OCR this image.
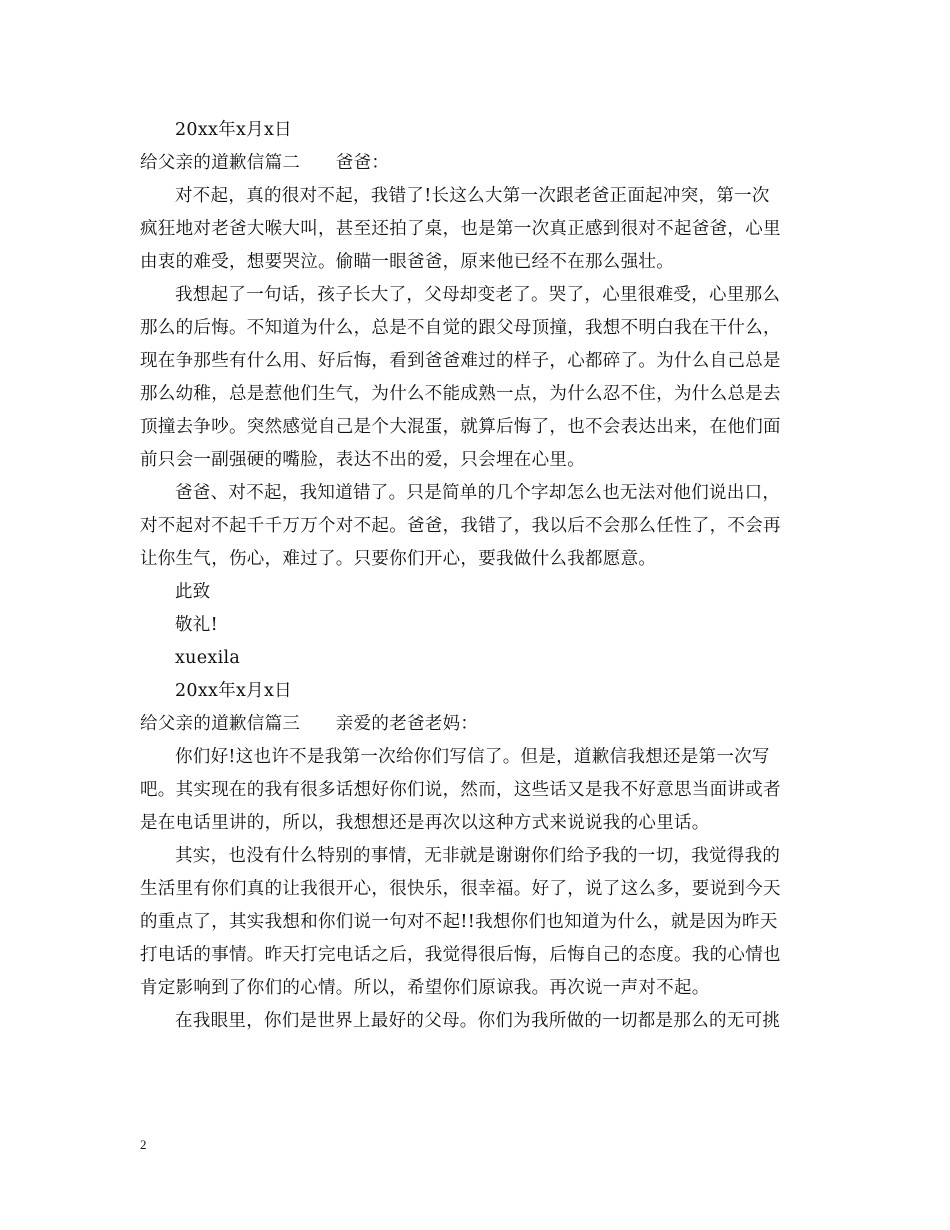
20xx年x月x日
给父亲的道歉信篇二　　爸爸：
对不起，真的很对不起，我错了!长这么大第一次跟老爸正面起冲突，第一次
疯狂地对老爸大喉大叫，甚至还拍了桌，也是第一次真正感到很对不起爸爸，心里
由衷的难受，想要哭泣。偷瞄一眼爸爸，原来他已经不在那么强壮。
我想起了一句话，孩子长大了，父母却变老了。哭了，心里很难受，心里那么
那么的后悔。不知道为什么，总是不自觉的跟父母顶撞，我想不明白我在干什么，
现在争那些有什么用、好后悔，看到爸爸难过的样子，心都碎了。为什么自己总是
那么幼稚，总是惹他们生气，为什么不能成熟一点，为什么忍不住，为什么总是去
顶撞去争吵。突然感觉自己是个大混蛋，就算后悔了，也不会表达出来，在他们面
前只会一副强硬的嘴脸，表达不出的爱，只会埋在心里。
爸爸、对不起，我知道错了。只是简单的几个字却怎么也无法对他们说出口，
对不起对不起千千万万个对不起。爸爸，我错了，我以后不会那么任性了，不会再
让你生气，伤心，难过了。只要你们开心，要我做什么我都愿意。
此致
敬礼!
xuexila
20xx年x月x日
给父亲的道歉信篇三　　亲爱的老爸老妈：
你们好!这也许不是我第一次给你们写信了。但是，道歉信我想还是第一次写
吧。其实现在的我有很多话想好你们说，然而，这些话又是我不好意思当面讲或者
是在电话里讲的，所以，我想想还是再次以这种方式来说说我的心里话。
其实，也没有什么特别的事情，无非就是谢谢你们给予我的一切，我觉得我的
生活里有你们真的让我很开心，很快乐，很幸福。好了，说了这么多，要说到今天
的重点了，其实我想和你们说一句对不起!!我想你们也知道为什么，就是因为昨天
打电话的事情。昨天打完电话之后，我觉得很后悔，后悔自己的态度。我的心情也
肯定影响到了你们的心情。所以，希望你们原谅我。再次说一声对不起。
在我眼里，你们是世界上最好的父母。你们为我所做的一切都是那么的无可挑
2
